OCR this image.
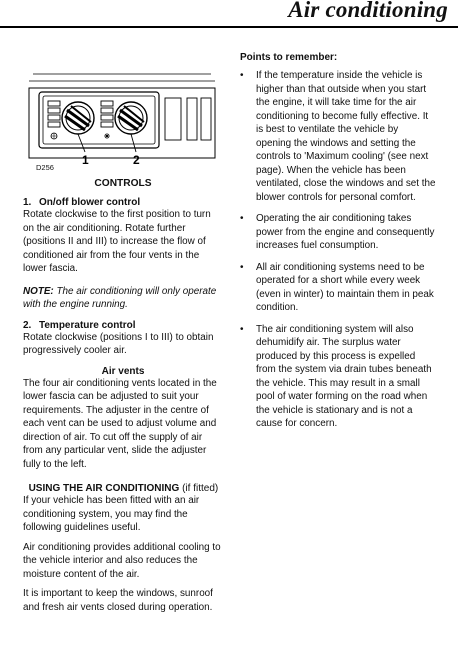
Air conditioning
1	2
D256
CONTROLS
1. On/off blower control

Rotate clockwise to the first position to turn on the air conditioning. Rotate further (positions II and III) to increase the flow of conditioned air from the four vents in the lower fascia.

NOTE: The air conditioning will only operate with the engine running.

2. Temperature control

Rotate clockwise (positions I to III) to obtain progressively cooler air.

Air vents

The four air conditioning vents located in the lower fascia can be adjusted to suit your requirements. The adjuster in the centre of each vent can be used to adjust volume and direction of air. To cut off the supply of air from any particular vent, slide the adjuster fully to the left.

USING THE AIR CONDITIONING (if fitted)

If your vehicle has been fitted with an air conditioning system, you may find the following guidelines useful.

Air conditioning provides additional cooling to the vehicle interior and also reduces the moisture content of the air.

It is important to keep the windows, sunroof and fresh air vents closed during operation.

Points to remember:
• If the temperature inside the vehicle is higher than that outside when you start the engine, it will take time for the air conditioning to become fully effective. It is best to ventilate the vehicle by opening the windows and setting the controls to 'Maximum cooling' (see next page). When the vehicle has been ventilated, close the windows and set the blower controls for personal comfort.
• Operating the air conditioning takes power from the engine and consequently increases fuel consumption.
• All air conditioning systems need to be operated for a short while every week (even in winter) to maintain them in peak condition.
• The air conditioning system will also dehumidify air. The surplus water produced by this process is expelled from the system via drain tubes beneath the vehicle. This may result in a small pool of water forming on the road when the vehicle is stationary and is not a cause for concern.
